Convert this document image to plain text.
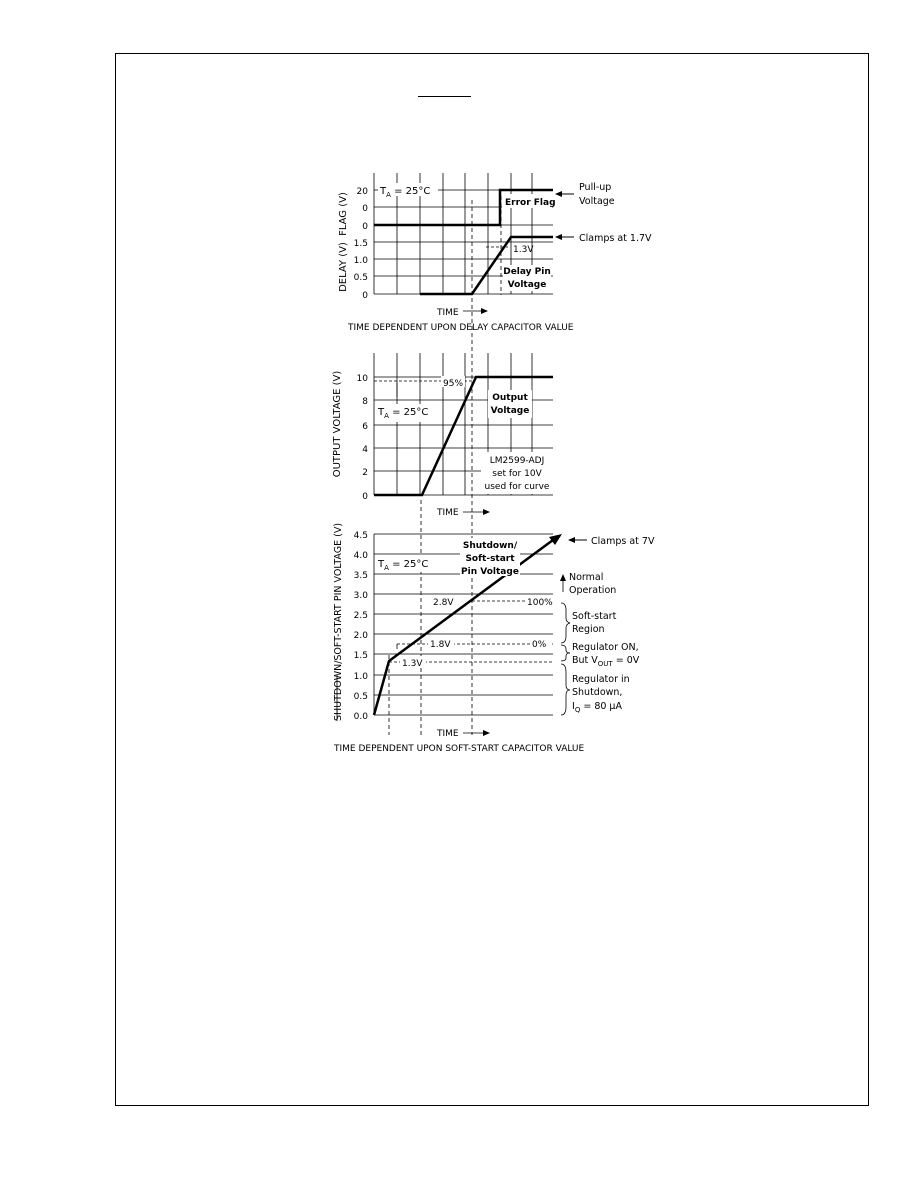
FLAG (V)
DELAY (V)
20
0
0
1.5
1.0
0.5
0
$T_A = 25^\circ C$
Error Flag
Pull-up
Voltage
Clamps at 1.7V
1.3V
Delay Pin
Voltage
TIME
TIME DEPENDENT UPON DELAY CAPACITOR VALUE
OUTPUT VOLTAGE (V) 10
8
6
4
2
0
95%
$T_A = 25^\circ C$
Output
Voltage
LM2599-ADJ
set for 10V
used for curve
TIME
SHUTDOWN/SOFT-START PIN VOLTAGE (V) 4.5
4.0
3.5
3.0
2.5
2.0
1.5
1.0
0.5
0.0
$T_A = 25^\circ C$
Shutdown/
Soft-start
Pin Voltage
Clamps at 7V
2.8V	100%
1.8V	0%
1.3V
Normal
Operation
Soft-start
Region
Regulator ON,
But $V_{OUT} = 0V$
Regulator in
Shutdown,
$I_Q = 80$ µA
TIME
TIME DEPENDENT UPON SOFT-START CAPACITOR VALUE
